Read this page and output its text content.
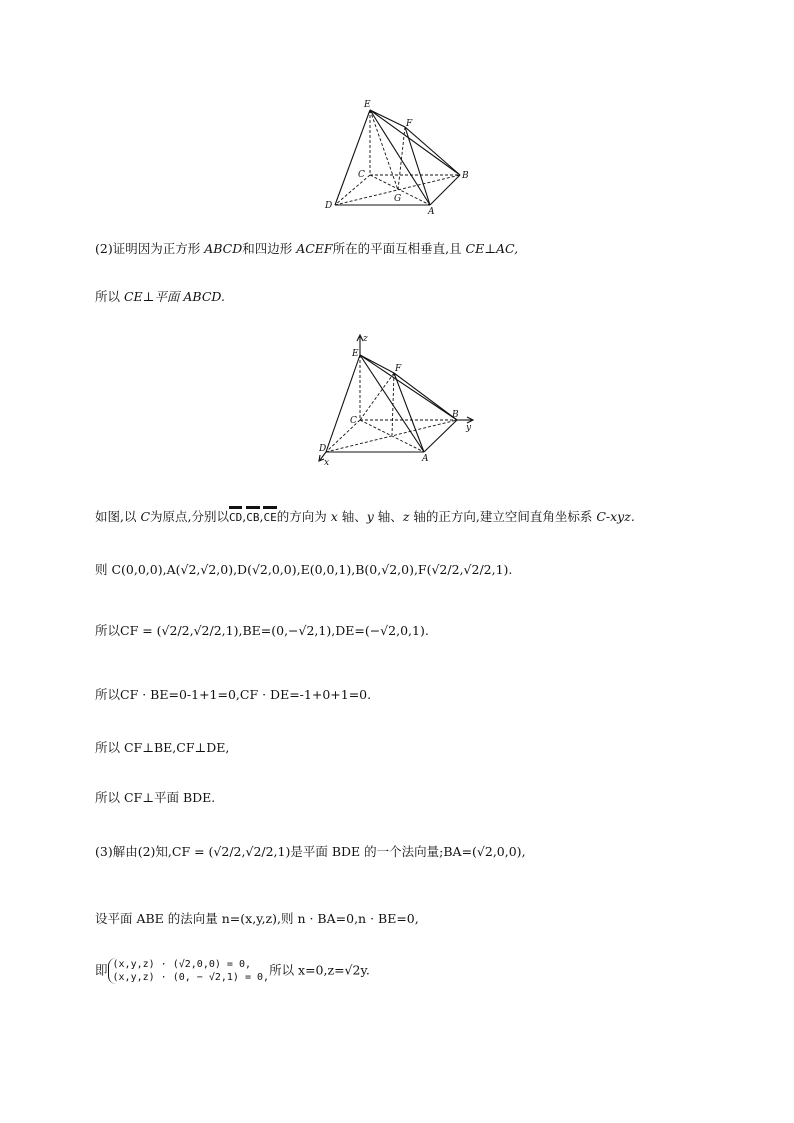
E
F
C	B
G
D
A
(2)证明因为正方形 ABCD和四边形 ACEF所在的平面互相垂直,且 CE⊥AC,
所以 CE⊥平面 ABCD.
z
E
F
C
B
y
D
x	A
如图,以 C为原点,分别以CD,CB,CE的方向为 x 轴、y 轴、z 轴的正方向,建立空间直角坐标系 C-xyz.
则 C(0,0,0),A(√2,√2,0),D(√2,0,0),E(0,0,1),B(0,√2,0),F(√2/2,√2/2,1).
所以CF = (√2/2,√2/2,1),BE=(0,−√2,1),DE=(−√2,0,1).
所以CF · BE=0-1+1=0,CF · DE=-1+0+1=0.
所以 CF⊥BE,CF⊥DE,
所以 CF⊥平面 BDE.
(3)解由(2)知,CF = (√2/2,√2/2,1)是平面 BDE 的一个法向量;BA=(√2,0,0),
设平面 ABE 的法向量 n=(x,y,z),则 n · BA=0,n · BE=0,
即 (x,y,z) · (√2,0,0) = 0,
(x,y,z) · (0, − √2,1) = 0, 所以 x=0,z=√2y.
